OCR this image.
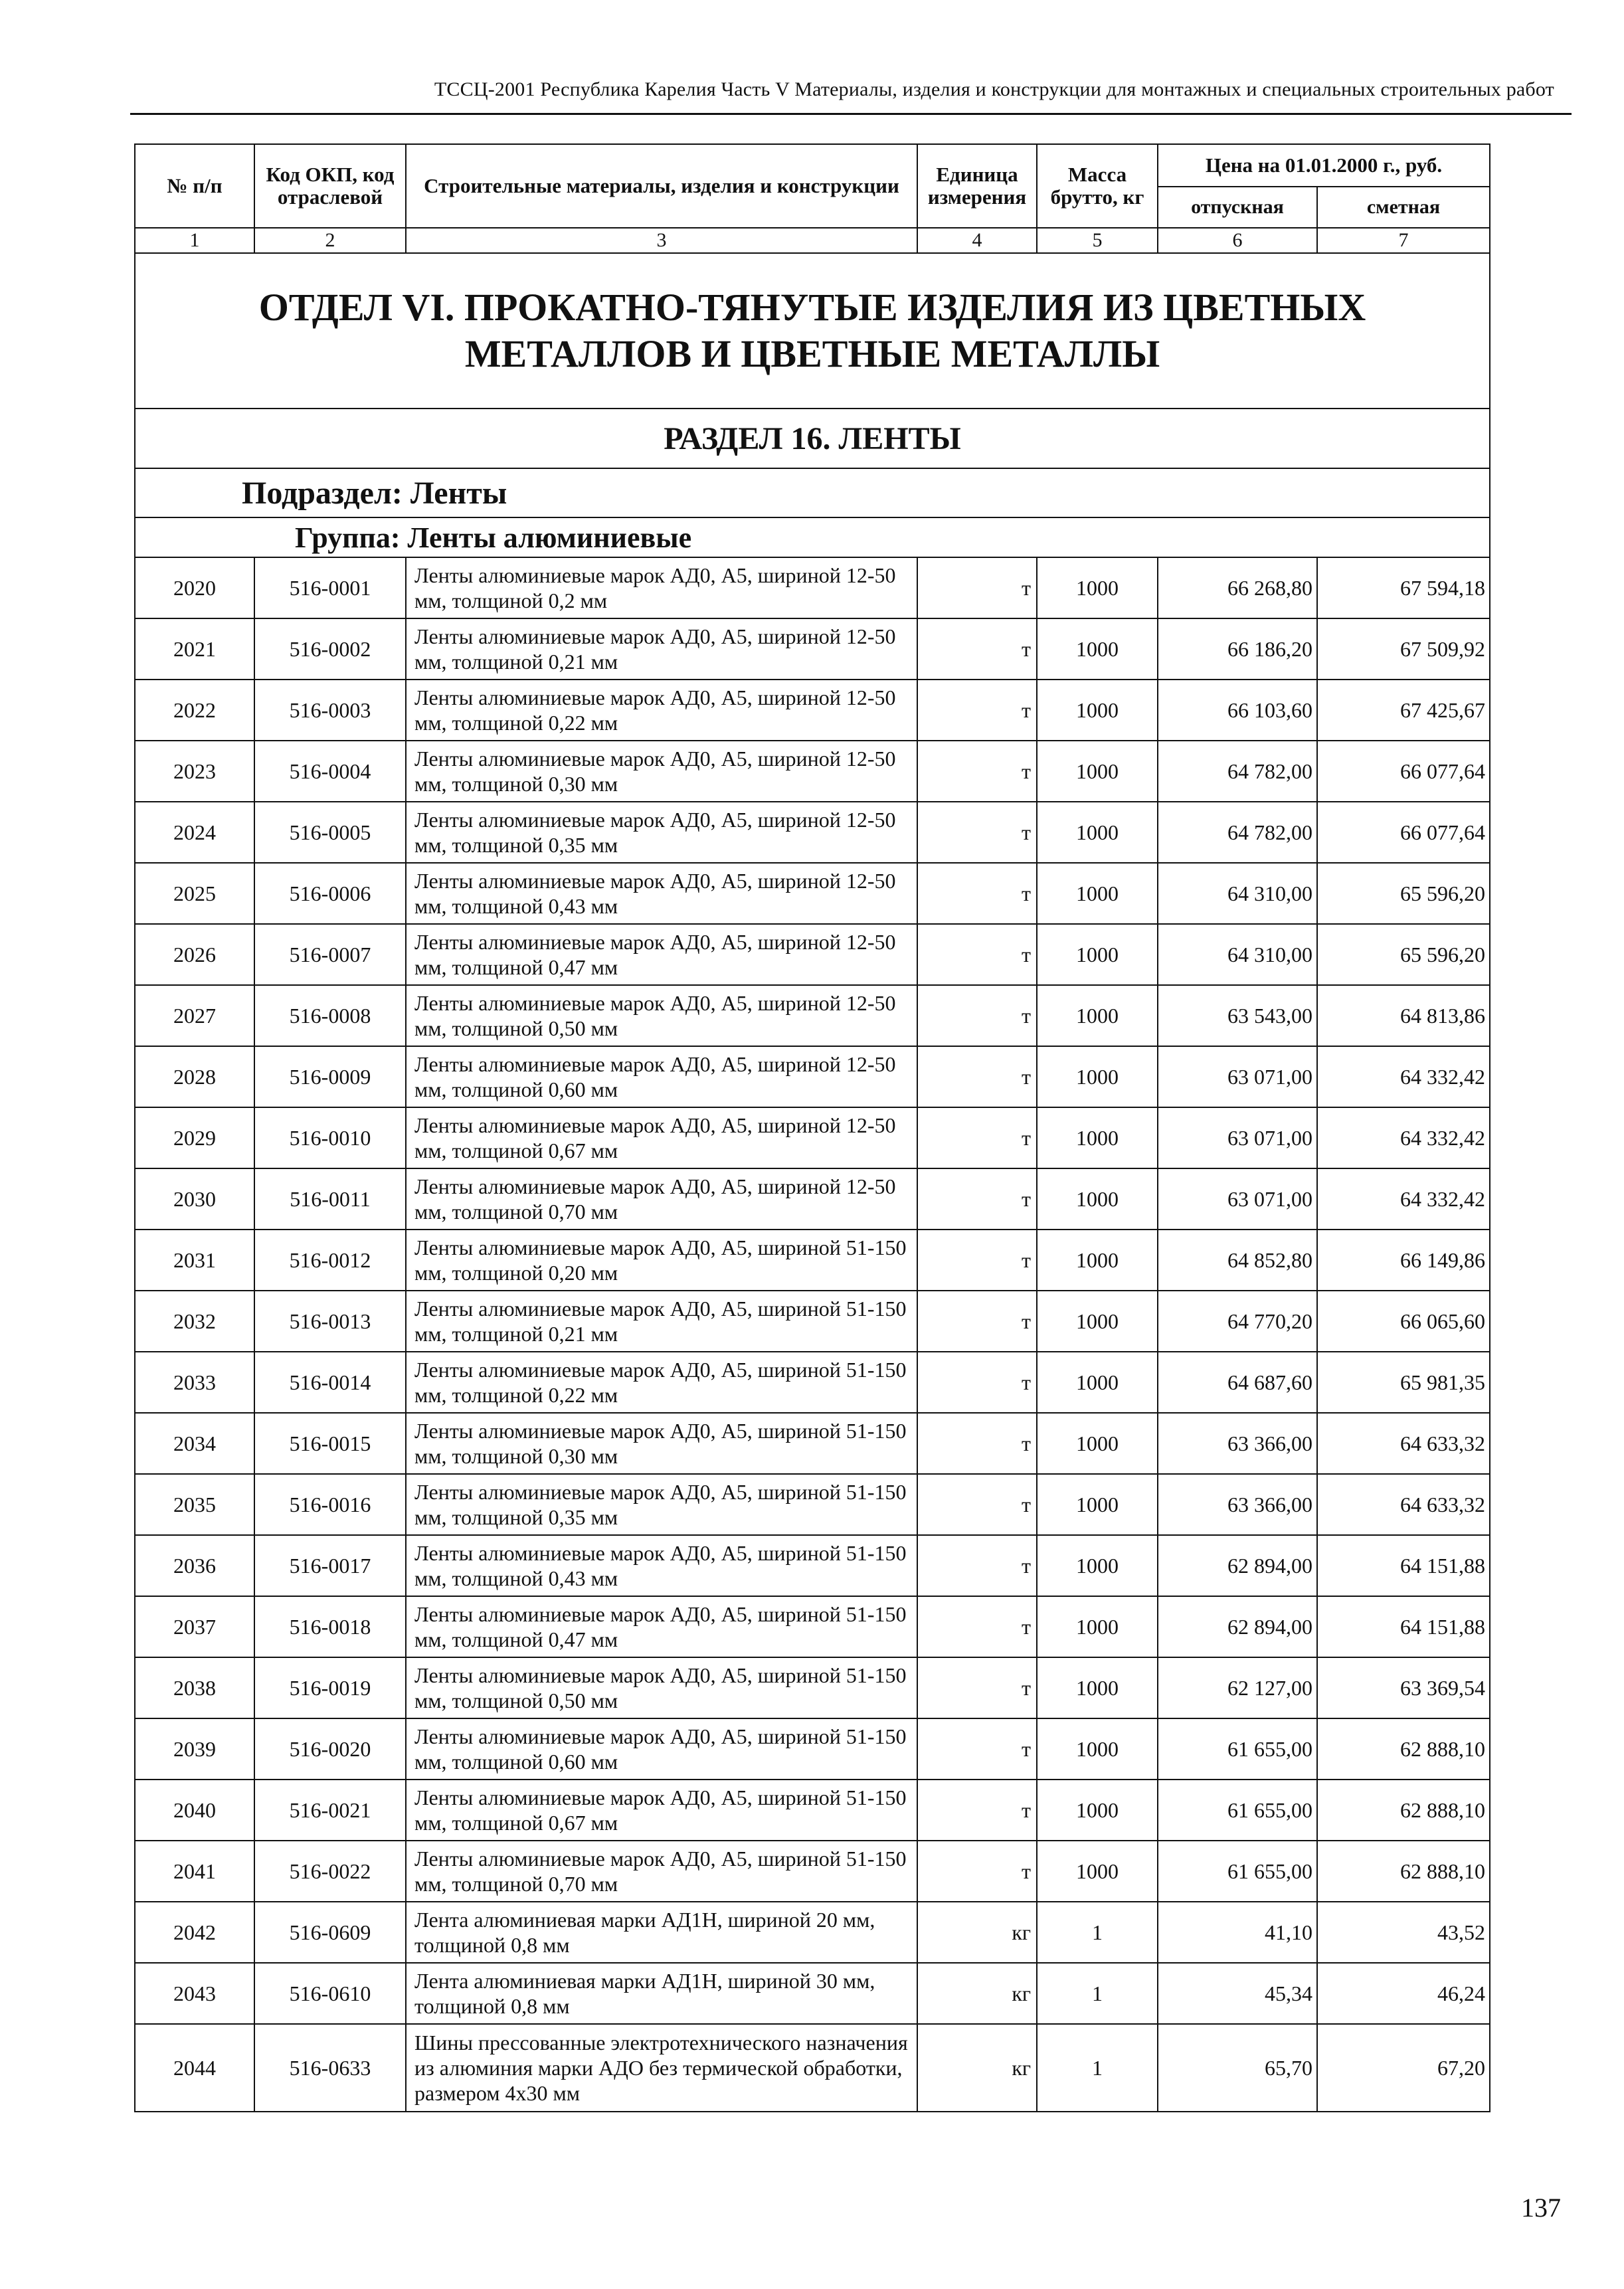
ТССЦ-2001 Республика Карелия Часть V Материалы, изделия и конструкции для монтажных и специальных строительных работ
№ п/п	Код ОКП, код отраслевой	Строительные материалы, изделия и конструкции	Единица измерения	Масса брутто, кг	Цена на 01.01.2000 г., руб.	
					отпускная	сметная
1	2	3	4	5	6	7
ОТДЕЛ VI. ПРОКАТНО-ТЯНУТЫЕ ИЗДЕЛИЯ ИЗ ЦВЕТНЫХ МЕТАЛЛОВ И ЦВЕТНЫЕ МЕТАЛЛЫ						
РАЗДЕЛ 16. ЛЕНТЫ						
Подраздел: Ленты						
Группа: Ленты алюминиевые						
2020	516-0001	Ленты алюминиевые марок АД0, А5, шириной 12-50 мм, толщиной 0,2 мм	т	1000	66 268,80	67 594,18
2021	516-0002	Ленты алюминиевые марок АД0, А5, шириной 12-50 мм, толщиной 0,21 мм	т	1000	66 186,20	67 509,92
2022	516-0003	Ленты алюминиевые марок АД0, А5, шириной 12-50 мм, толщиной 0,22 мм	т	1000	66 103,60	67 425,67
2023	516-0004	Ленты алюминиевые марок АД0, А5, шириной 12-50 мм, толщиной 0,30 мм	т	1000	64 782,00	66 077,64
2024	516-0005	Ленты алюминиевые марок АД0, А5, шириной 12-50 мм, толщиной 0,35 мм	т	1000	64 782,00	66 077,64
2025	516-0006	Ленты алюминиевые марок АД0, А5, шириной 12-50 мм, толщиной 0,43 мм	т	1000	64 310,00	65 596,20
2026	516-0007	Ленты алюминиевые марок АД0, А5, шириной 12-50 мм, толщиной 0,47 мм	т	1000	64 310,00	65 596,20
2027	516-0008	Ленты алюминиевые марок АД0, А5, шириной 12-50 мм, толщиной 0,50 мм	т	1000	63 543,00	64 813,86
2028	516-0009	Ленты алюминиевые марок АД0, А5, шириной 12-50 мм, толщиной 0,60 мм	т	1000	63 071,00	64 332,42
2029	516-0010	Ленты алюминиевые марок АД0, А5, шириной 12-50 мм, толщиной 0,67 мм	т	1000	63 071,00	64 332,42
2030	516-0011	Ленты алюминиевые марок АД0, А5, шириной 12-50 мм, толщиной 0,70 мм	т	1000	63 071,00	64 332,42
2031	516-0012	Ленты алюминиевые марок АД0, А5, шириной 51-150 мм, толщиной 0,20 мм	т	1000	64 852,80	66 149,86
2032	516-0013	Ленты алюминиевые марок АД0, А5, шириной 51-150 мм, толщиной 0,21 мм	т	1000	64 770,20	66 065,60
2033	516-0014	Ленты алюминиевые марок АД0, А5, шириной 51-150 мм, толщиной 0,22 мм	т	1000	64 687,60	65 981,35
2034	516-0015	Ленты алюминиевые марок АД0, А5, шириной 51-150 мм, толщиной 0,30 мм	т	1000	63 366,00	64 633,32
2035	516-0016	Ленты алюминиевые марок АД0, А5, шириной 51-150 мм, толщиной 0,35 мм	т	1000	63 366,00	64 633,32
2036	516-0017	Ленты алюминиевые марок АД0, А5, шириной 51-150 мм, толщиной 0,43 мм	т	1000	62 894,00	64 151,88
2037	516-0018	Ленты алюминиевые марок АД0, А5, шириной 51-150 мм, толщиной 0,47 мм	т	1000	62 894,00	64 151,88
2038	516-0019	Ленты алюминиевые марок АД0, А5, шириной 51-150 мм, толщиной 0,50 мм	т	1000	62 127,00	63 369,54
2039	516-0020	Ленты алюминиевые марок АД0, А5, шириной 51-150 мм, толщиной 0,60 мм	т	1000	61 655,00	62 888,10
2040	516-0021	Ленты алюминиевые марок АД0, А5, шириной 51-150 мм, толщиной 0,67 мм	т	1000	61 655,00	62 888,10
2041	516-0022	Ленты алюминиевые марок АД0, А5, шириной 51-150 мм, толщиной 0,70 мм	т	1000	61 655,00	62 888,10
2042	516-0609	Лента алюминиевая марки АД1Н, шириной 20 мм, толщиной 0,8 мм	кг	1	41,10	43,52
2043	516-0610	Лента алюминиевая марки АД1Н, шириной 30 мм, толщиной 0,8 мм	кг	1	45,34	46,24
2044	516-0633	Шины прессованные электротехнического назначения из алюминия марки АДО без термической обработки, размером 4х30 мм	кг	1	65,70	67,20
137
